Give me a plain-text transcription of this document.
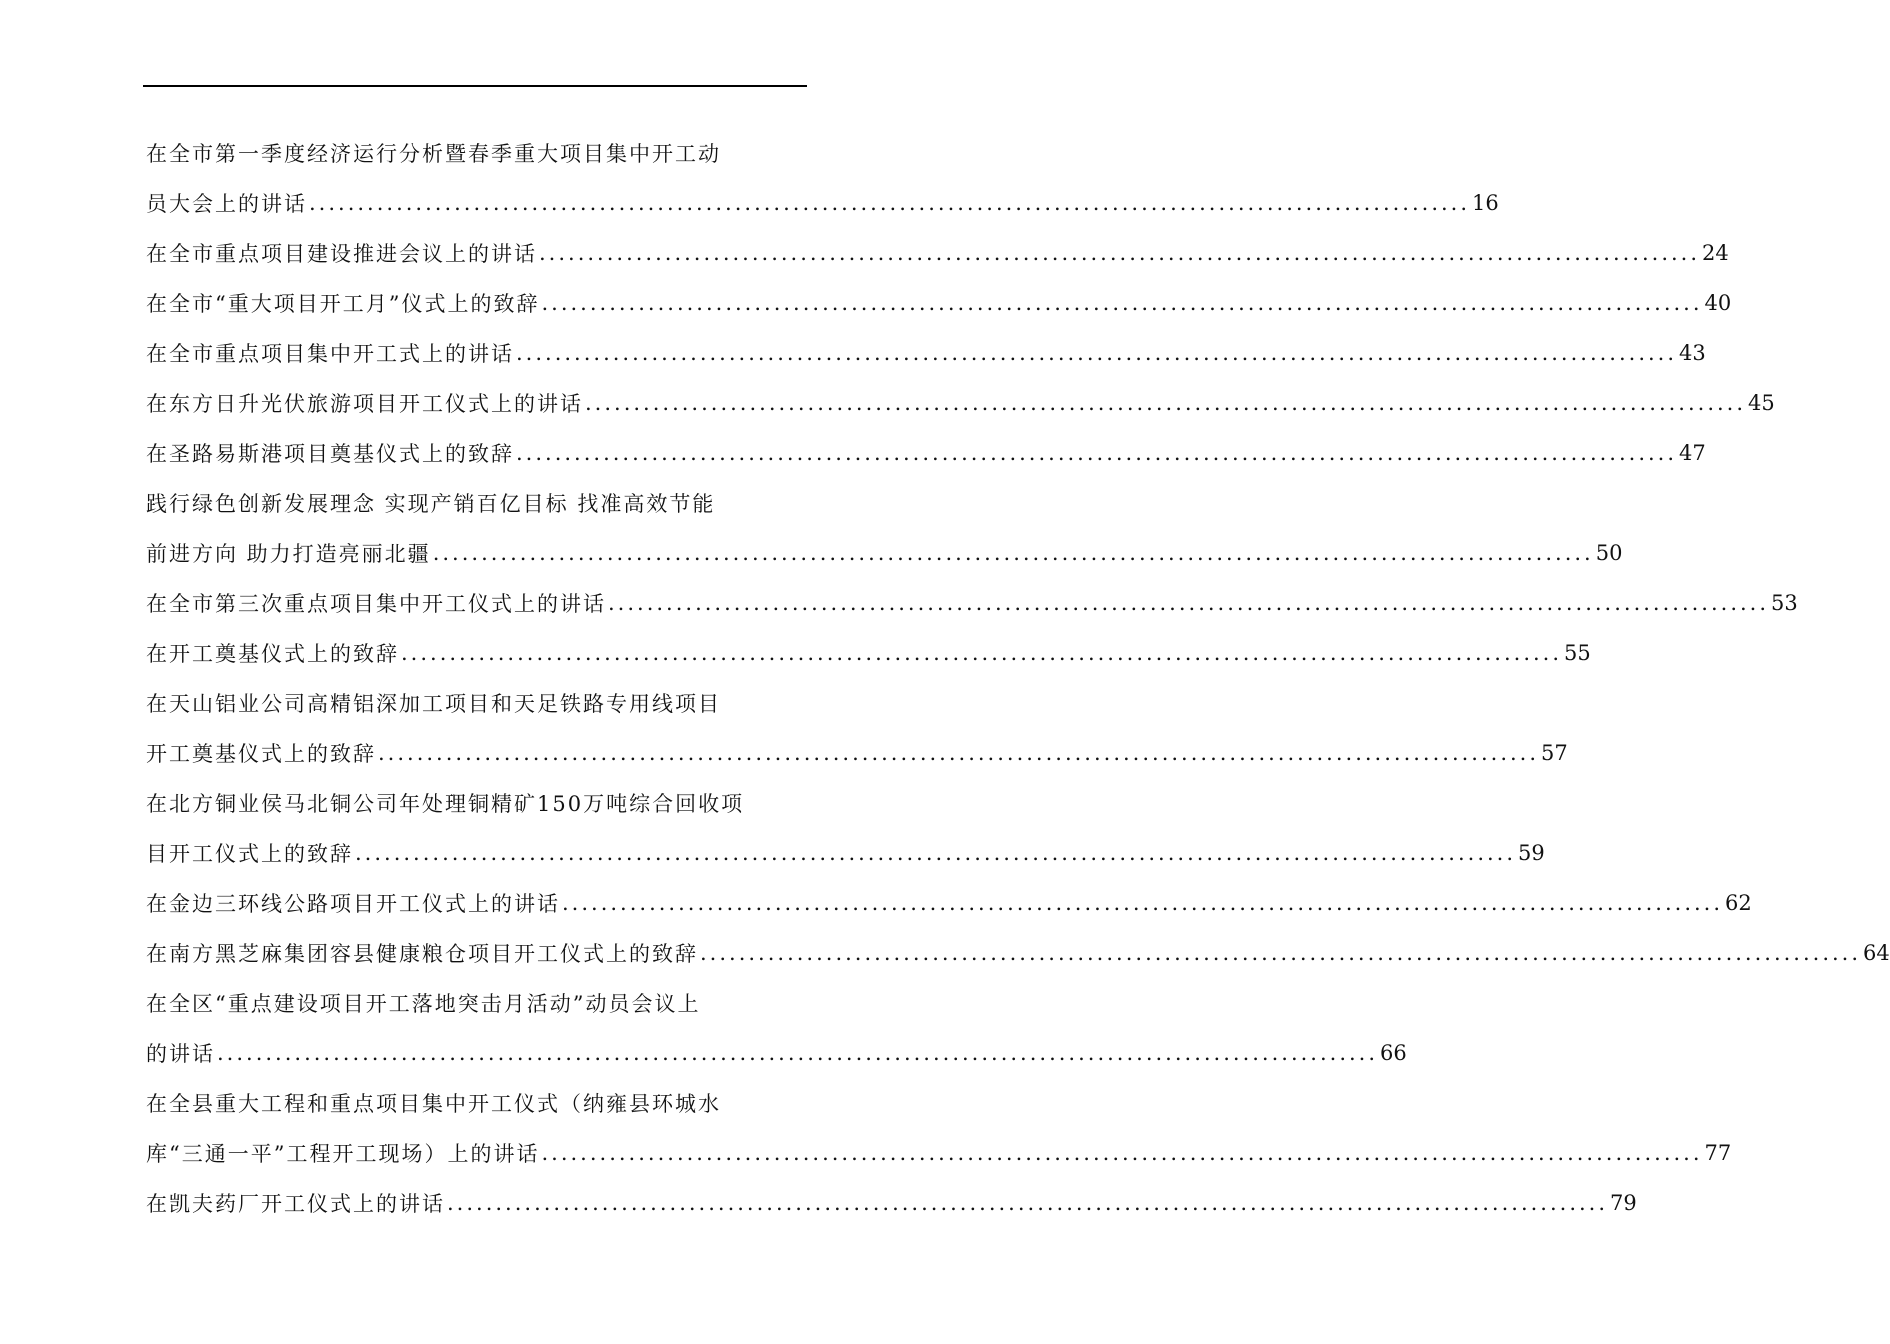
在全市第一季度经济运行分析暨春季重大项目集中开工动
员大会上的讲话 ........................................................................................................................ 16
在全市重点项目建设推进会议上的讲话 ........................................................................................................................ 24
在全市“重大项目开工月”仪式上的致辞 ........................................................................................................................ 40
在全市重点项目集中开工式上的讲话 ........................................................................................................................ 43
在东方日升光伏旅游项目开工仪式上的讲话 ........................................................................................................................ 45
在圣路易斯港项目奠基仪式上的致辞 ........................................................................................................................ 47
践行绿色创新发展理念 实现产销百亿目标 找准高效节能
前进方向 助力打造亮丽北疆 ........................................................................................................................ 50
在全市第三次重点项目集中开工仪式上的讲话 ........................................................................................................................ 53
在开工奠基仪式上的致辞 ........................................................................................................................ 55
在天山铝业公司高精铝深加工项目和天足铁路专用线项目
开工奠基仪式上的致辞 ........................................................................................................................ 57
在北方铜业侯马北铜公司年处理铜精矿150万吨综合回收项
目开工仪式上的致辞 ........................................................................................................................ 59
在金边三环线公路项目开工仪式上的讲话 ........................................................................................................................ 62
在南方黑芝麻集团容县健康粮仓项目开工仪式上的致辞 ........................................................................................................................ 64
在全区“重点建设项目开工落地突击月活动”动员会议上
的讲话 ........................................................................................................................ 66
在全县重大工程和重点项目集中开工仪式（纳雍县环城水
库“三通一平”工程开工现场）上的讲话 ........................................................................................................................ 77
在凯夫药厂开工仪式上的讲话 ........................................................................................................................ 79
